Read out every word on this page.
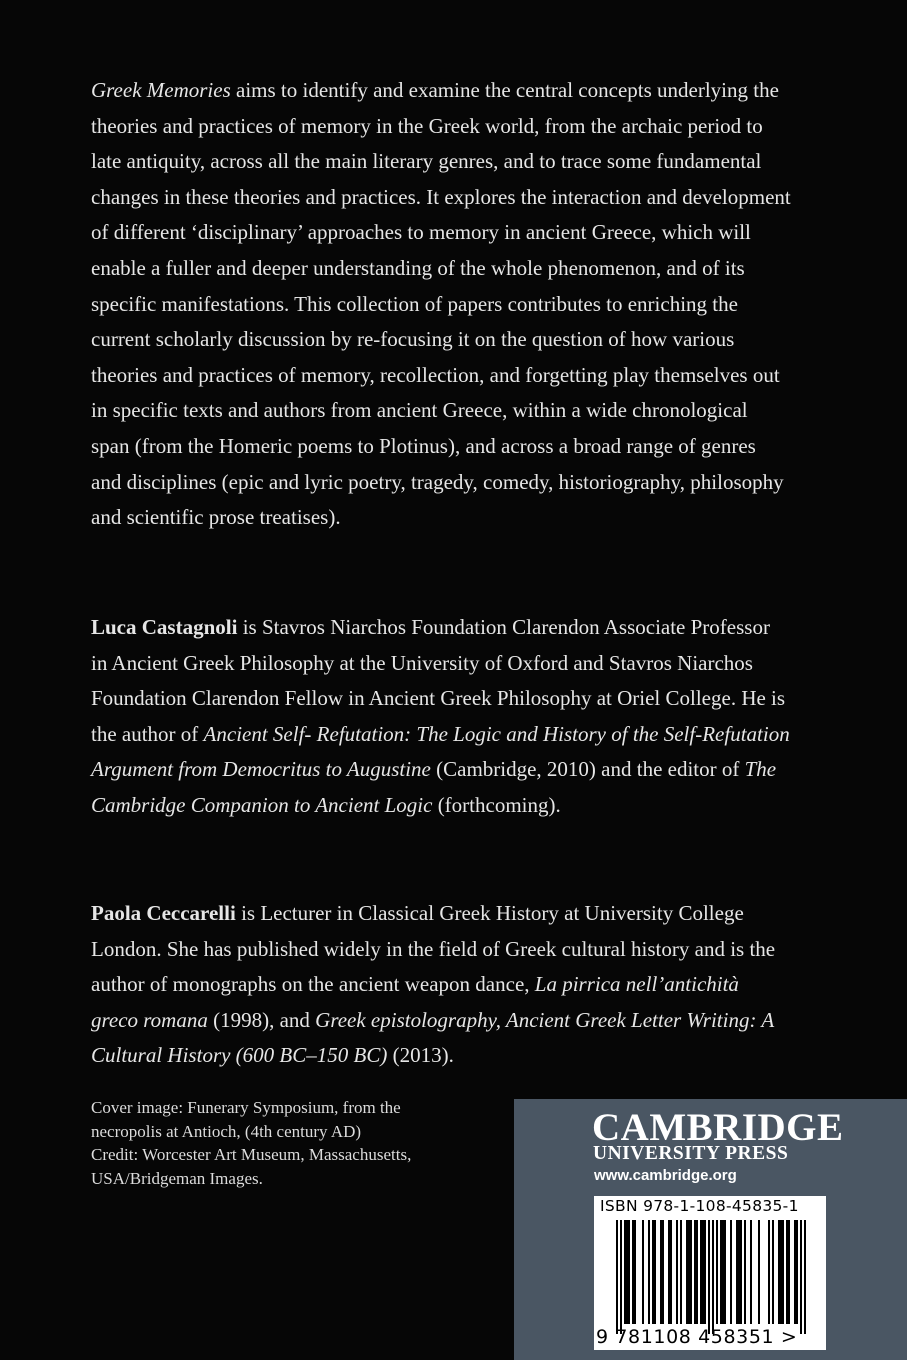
Greek Memories aims to identify and examine the central concepts underlying the theories and practices of memory in the Greek world, from the archaic period to late antiquity, across all the main literary genres, and to trace some fundamental changes in these theories and practices. It explores the interaction and development of different ‘disciplinary’ approaches to memory in ancient Greece, which will enable a fuller and deeper understanding of the whole phenomenon, and of its specific manifestations. This collection of papers contributes to enriching the current scholarly discussion by re-focusing it on the question of how various theories and practices of memory, recollection, and forgetting play themselves out in specific texts and authors from ancient Greece, within a wide chronological span (from the Homeric poems to Plotinus), and across a broad range of genres and disciplines (epic and lyric poetry, tragedy, comedy, historiography, philosophy and scientific prose treatises).

Luca Castagnoli is Stavros Niarchos Foundation Clarendon Associate Professor in Ancient Greek Philosophy at the University of Oxford and Stavros Niarchos Foundation Clarendon Fellow in Ancient Greek Philosophy at Oriel College. He is the author of Ancient Self- Refutation: The Logic and History of the Self-Refutation Argument from Democritus to Augustine (Cambridge, 2010) and the editor of The Cambridge Companion to Ancient Logic (forthcoming).

Paola Ceccarelli is Lecturer in Classical Greek History at University College London. She has published widely in the field of Greek cultural history and is the author of monographs on the ancient weapon dance, La pirrica nell’antichità greco romana (1998), and Greek epistolography, Ancient Greek Letter Writing: A Cultural History (600 BC–150 BC) (2013).

Cover image: Funerary Symposium, from the
necropolis at Antioch, (4th century AD)
Credit: Worcester Art Museum, Massachusetts,
USA/Bridgeman Images.
CAMBRIDGE
UNIVERSITY PRESS
www.cambridge.org
ISBN 978-1-108-45835-1
9 781108 458351 >
